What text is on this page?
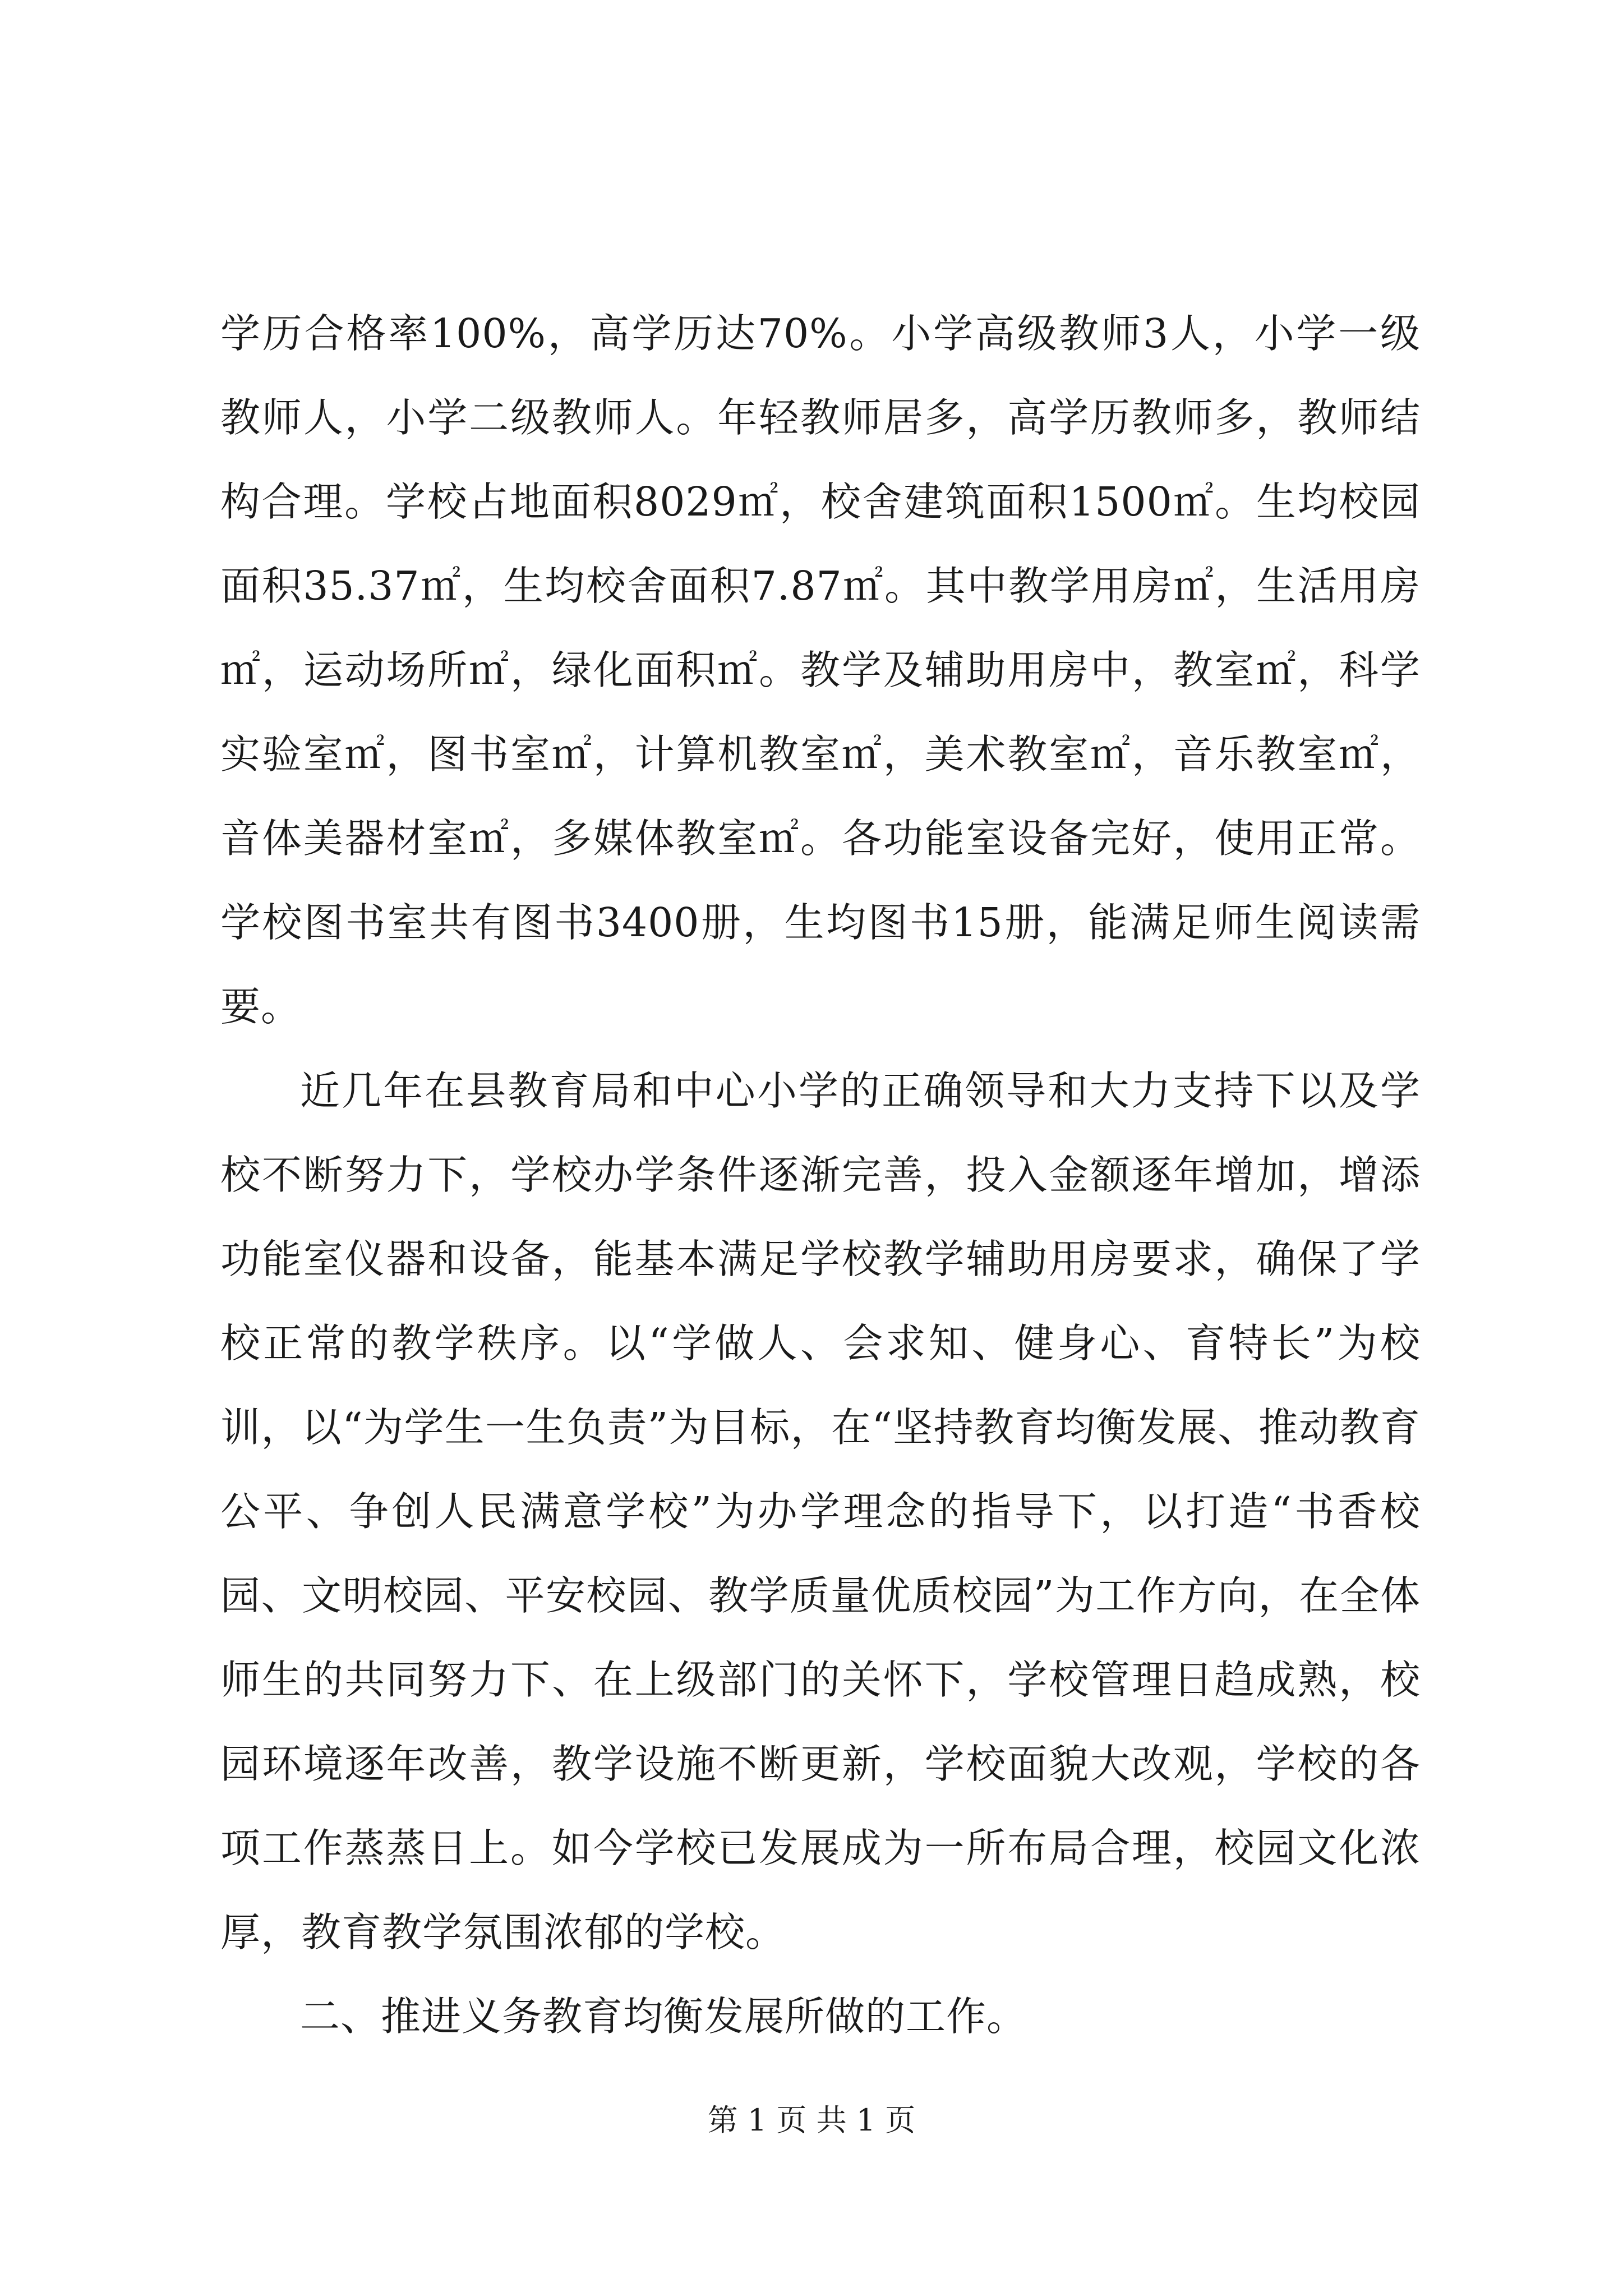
学历合格率100%，高学历达70%。小学高级教师3人，小学一级教师人，小学二级教师人。年轻教师居多，高学历教师多，教师结构合理。学校占地面积8029㎡，校舍建筑面积1500㎡。生均校园面积35.37㎡，生均校舍面积7.87㎡。其中教学用房㎡，生活用房㎡，运动场所㎡，绿化面积㎡。教学及辅助用房中，教室㎡，科学实验室㎡，图书室㎡，计算机教室㎡，美术教室㎡，音乐教室㎡，音体美器材室㎡，多媒体教室㎡。各功能室设备完好，使用正常。学校图书室共有图书3400册，生均图书15册，能满足师生阅读需要。

近几年在县教育局和中心小学的正确领导和大力支持下以及学校不断努力下，学校办学条件逐渐完善，投入金额逐年增加，增添功能室仪器和设备，能基本满足学校教学辅助用房要求，确保了学校正常的教学秩序。以“学做人、会求知、健身心、育特长”为校训，以“为学生一生负责”为目标，在“坚持教育均衡发展、推动教育公平、争创人民满意学校”为办学理念的指导下，以打造“书香校园、文明校园、平安校园、教学质量优质校园”为工作方向，在全体师生的共同努力下、在上级部门的关怀下，学校管理日趋成熟，校园环境逐年改善，教学设施不断更新，学校面貌大改观，学校的各项工作蒸蒸日上。如今学校已发展成为一所布局合理，校园文化浓厚，教育教学氛围浓郁的学校。

二、推进义务教育均衡发展所做的工作。

第 1 页 共 1 页
